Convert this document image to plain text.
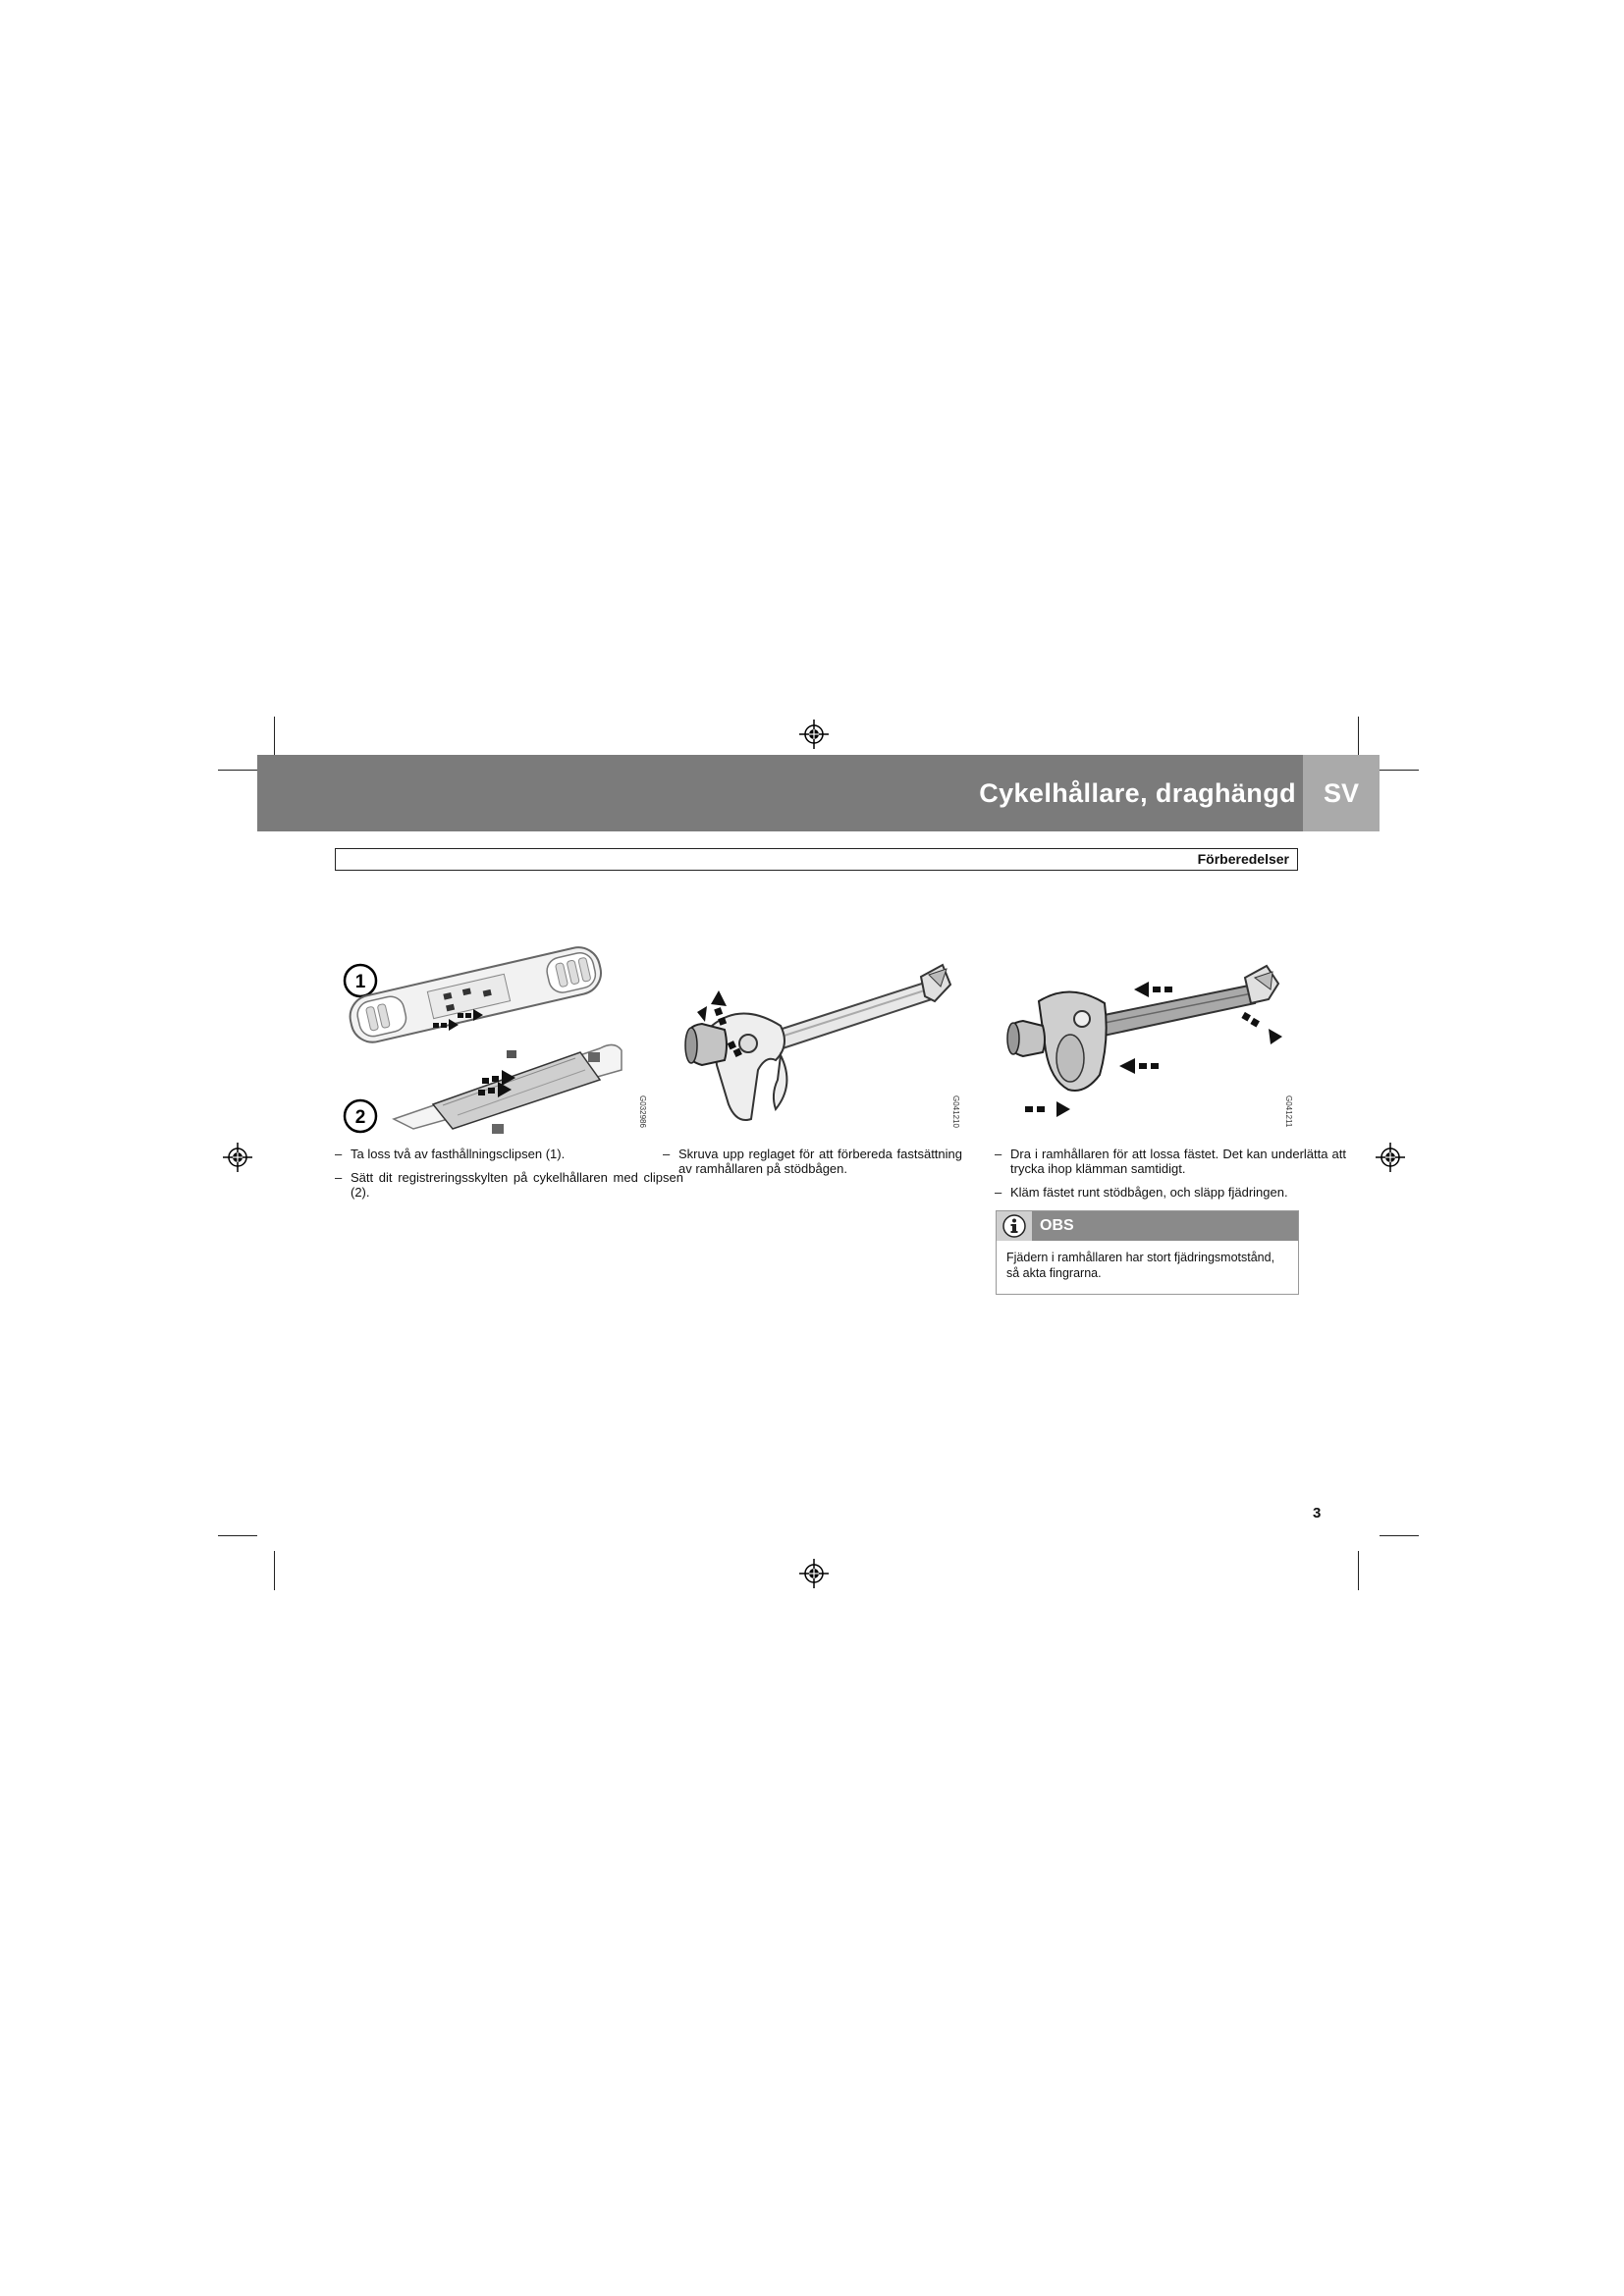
Cykelhållare, draghängd	SV
Förberedelser
1
2	G032986	G041210	G041211
– Ta loss två av fasthållningsclipsen (1).
– Sätt dit registreringsskylten på cykelhållaren med clipsen (2).
– Skruva upp reglaget för att förbereda fastsättning av ramhållaren på stödbågen.
– Dra i ramhållaren för att lossa fästet. Det kan underlätta att trycka ihop klämman samtidigt.
– Kläm fästet runt stödbågen, och släpp fjädringen.
OBS
Fjädern i ramhållaren har stort fjädringsmotstånd, så akta fingrarna.
3
